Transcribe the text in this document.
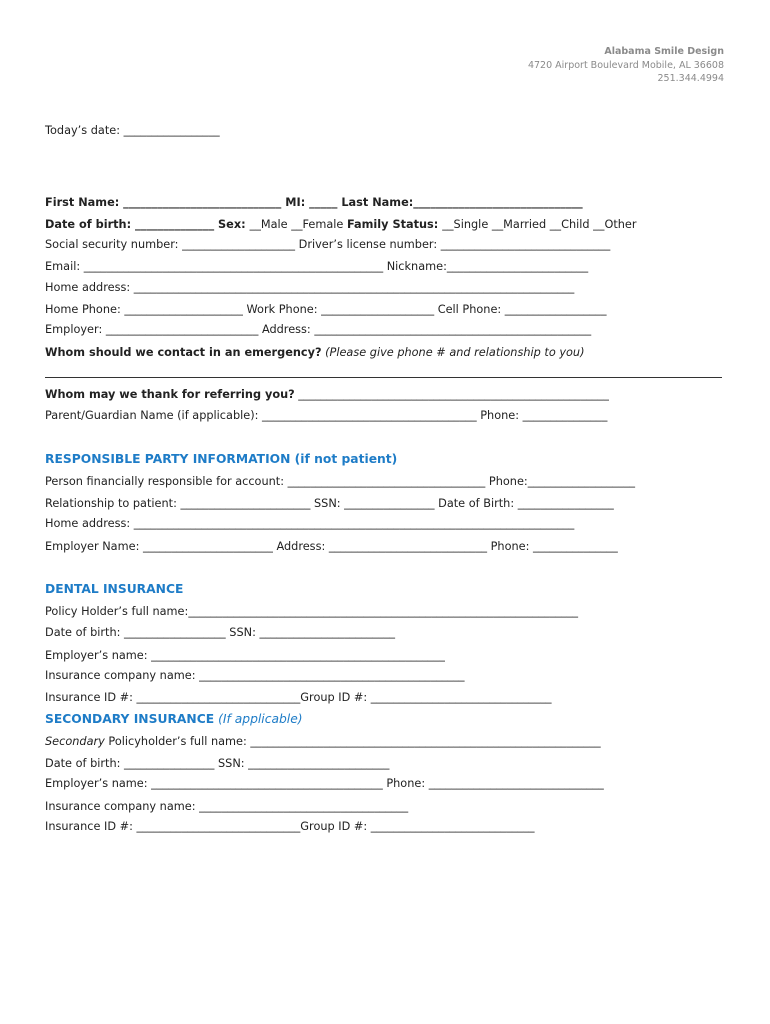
Alabama Smile Design
4720 Airport Boulevard Mobile, AL 36608
251.344.4994
Today’s date: _________________
First Name: ____________________________ MI: _____ Last Name:______________________________
Date of birth: ______________ Sex: __Male __Female Family Status: __Single __Married __Child __Other
Social security number: ____________________ Driver’s license number: ______________________________
Email: _____________________________________________________ Nickname:_________________________
Home address: ______________________________________________________________________________
Home Phone: _____________________ Work Phone: ____________________ Cell Phone: __________________
Employer: ___________________________ Address: _________________________________________________
Whom should we contact in an emergency? (Please give phone # and relationship to you)
Whom may we thank for referring you? _______________________________________________________
Parent/Guardian Name (if applicable): ______________________________________ Phone: _______________
RESPONSIBLE PARTY INFORMATION (if not patient)
Person financially responsible for account: ___________________________________ Phone:___________________
Relationship to patient: _______________________ SSN: ________________ Date of Birth: _________________
Home address: ______________________________________________________________________________
Employer Name: _______________________ Address: ____________________________ Phone: _______________
DENTAL INSURANCE
Policy Holder’s full name:_____________________________________________________________________
Date of birth: __________________ SSN: ________________________
Employer’s name: ____________________________________________________
Insurance company name: _______________________________________________
Insurance ID #: _____________________________Group ID #: ________________________________
SECONDARY INSURANCE (If applicable)
Secondary Policyholder’s full name: ______________________________________________________________
Date of birth: ________________ SSN: _________________________
Employer’s name: _________________________________________ Phone: _______________________________
Insurance company name: _____________________________________
Insurance ID #: _____________________________Group ID #: _____________________________
